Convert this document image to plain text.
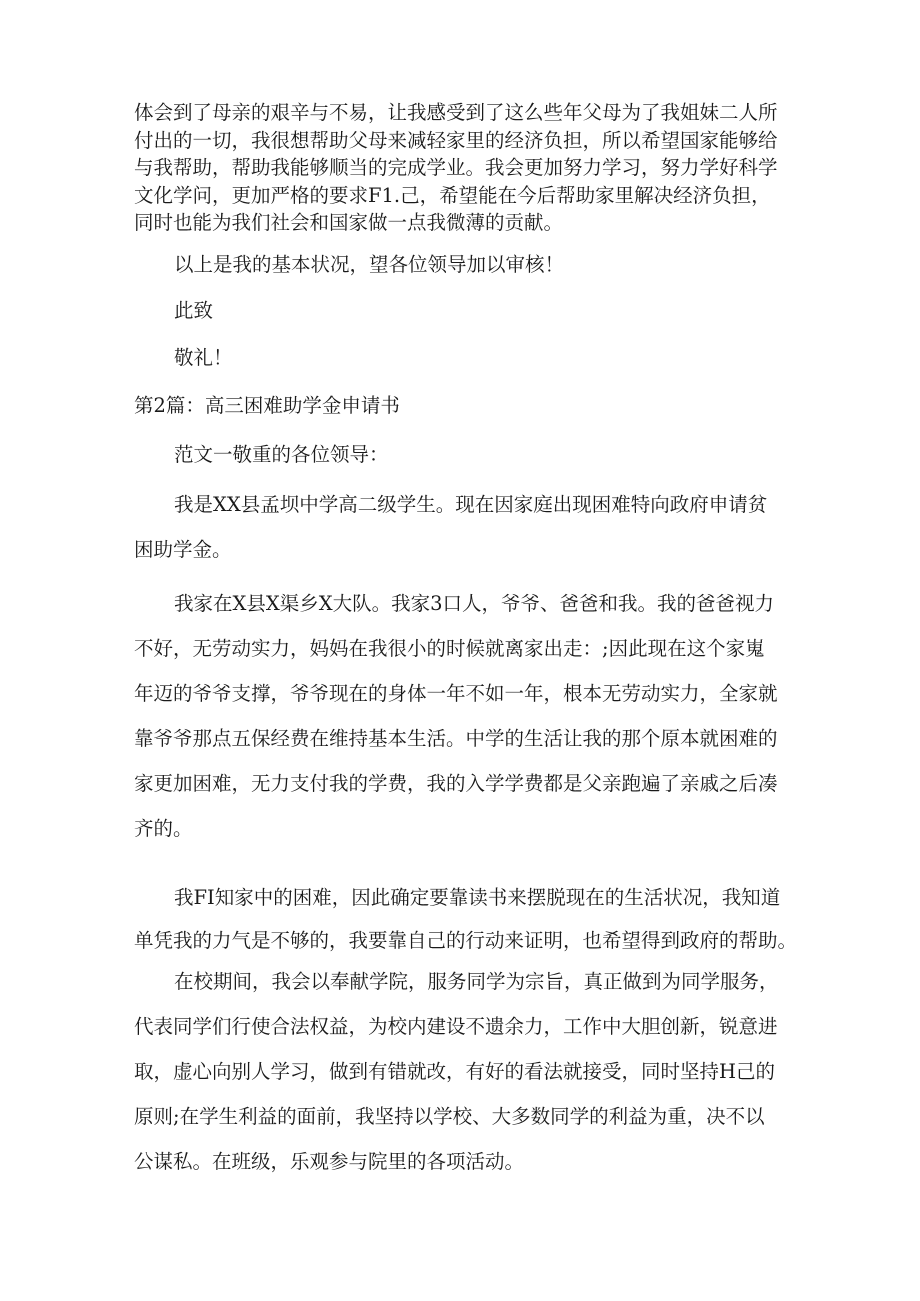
体会到了母亲的艰辛与不易，让我感受到了这么些年父母为了我姐妹二人所
付出的一切，我很想帮助父母来减轻家里的经济负担，所以希望国家能够给
与我帮助，帮助我能够顺当的完成学业。我会更加努力学习，努力学好科学
文化学问，更加严格的要求F1.己，希望能在今后帮助家里解决经济负担，
同时也能为我们社会和国家做一点我微薄的贡献。
以上是我的基本状况，望各位领导加以审核！
此致
敬礼！
第2篇：高三困难助学金申请书
范文一敬重的各位领导：
我是XX县孟坝中学高二级学生。现在因家庭出现困难特向政府申请贫
困助学金。
我家在X县X渠乡X大队。我家3口人，爷爷、爸爸和我。我的爸爸视力
不好，无劳动实力，妈妈在我很小的时候就离家出走：;因此现在这个家嵬
年迈的爷爷支撑，爷爷现在的身体一年不如一年，根本无劳动实力，全家就
靠爷爷那点五保经费在维持基本生活。中学的生活让我的那个原本就困难的
家更加困难，无力支付我的学费，我的入学学费都是父亲跑遍了亲戚之后凑
齐的。
我FI知家中的困难，因此确定要靠读书来摆脱现在的生活状况，我知道
单凭我的力气是不够的，我要靠自己的行动来证明，也希望得到政府的帮助。
在校期间，我会以奉献学院，服务同学为宗旨，真正做到为同学服务，
代表同学们行使合法权益，为校内建设不遗余力，工作中大胆创新，锐意进
取，虚心向别人学习，做到有错就改，有好的看法就接受，同时坚持H己的
原则;在学生利益的面前，我坚持以学校、大多数同学的利益为重，决不以
公谋私。在班级，乐观参与院里的各项活动。
